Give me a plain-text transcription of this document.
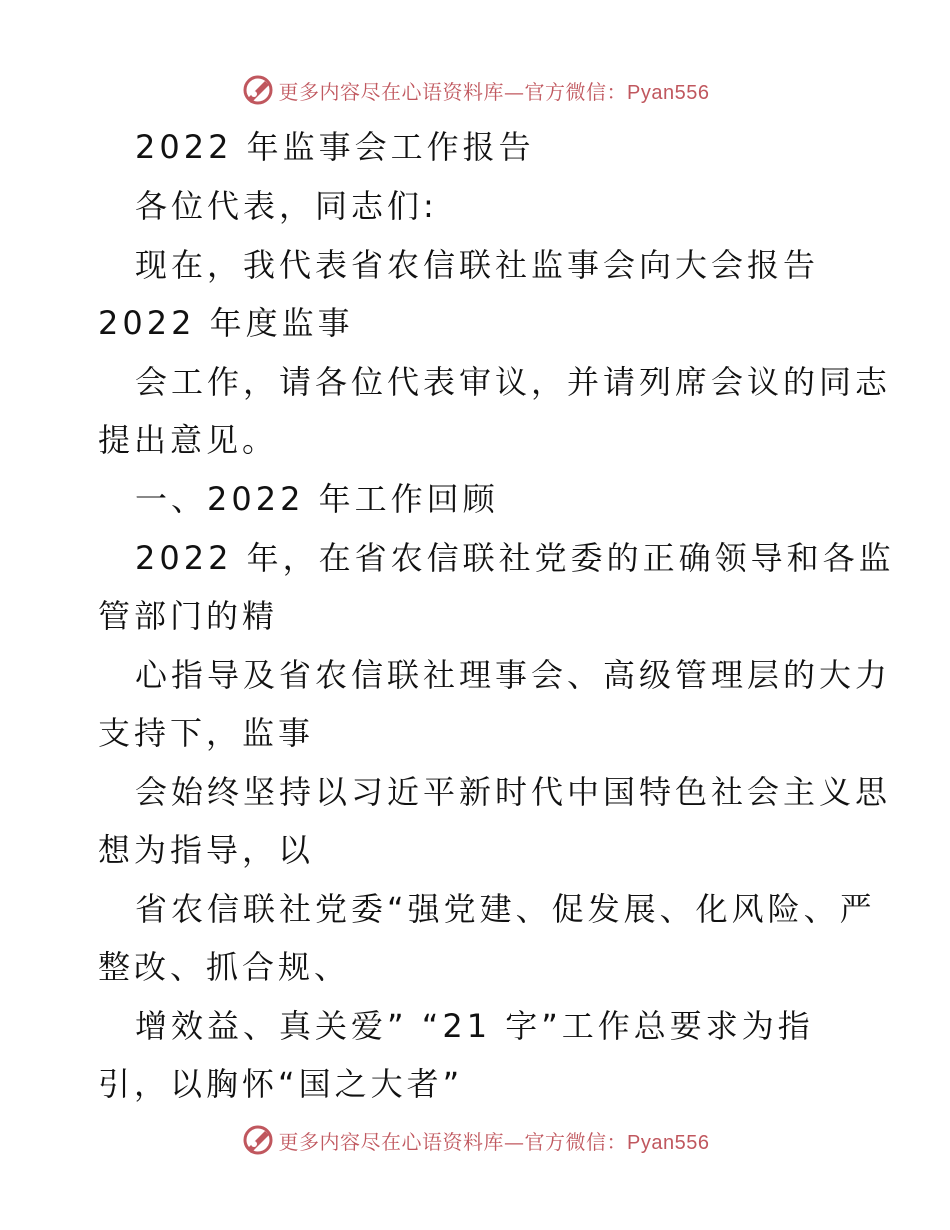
更多内容尽在心语资料库—官方微信：Pyan556
2022 年监事会工作报告
各位代表，同志们:
现在，我代表省农信联社监事会向大会报告
2022 年度监事
会工作，请各位代表审议，并请列席会议的同志
提出意见。
一、2022 年工作回顾
2022 年，在省农信联社党委的正确领导和各监
管部门的精
心指导及省农信联社理事会、高级管理层的大力
支持下，监事
会始终坚持以习近平新时代中国特色社会主义思
想为指导，以
省农信联社党委“强党建、促发展、化风险、严
整改、抓合规、
增效益、真关爱” “21 字”工作总要求为指
引，以胸怀“国之大者”
更多内容尽在心语资料库—官方微信：Pyan556
